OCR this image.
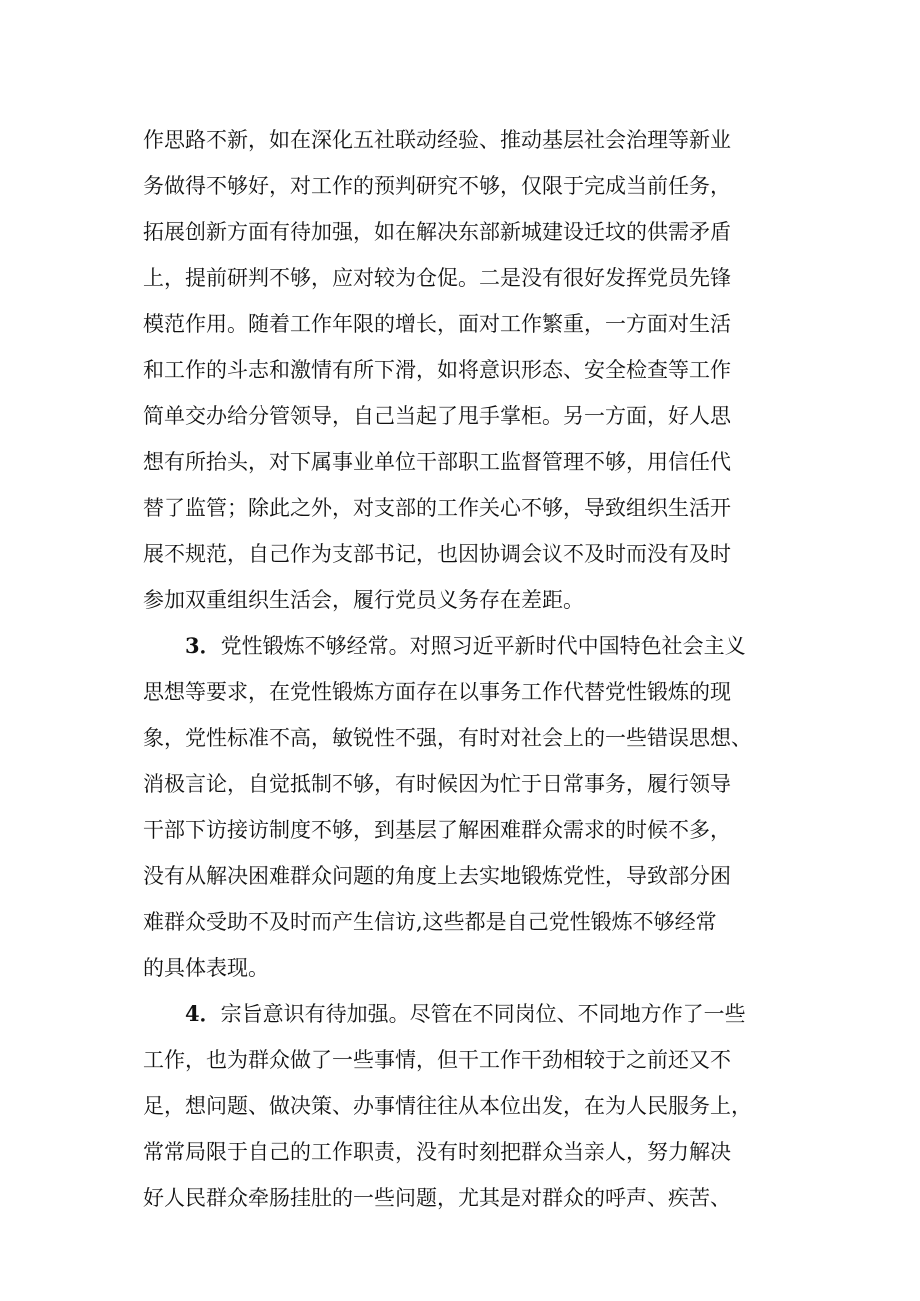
作思路不新，如在深化五社联动经验、推动基层社会治理等新业
务做得不够好，对工作的预判研究不够，仅限于完成当前任务，
拓展创新方面有待加强，如在解决东部新城建设迁坟的供需矛盾
上，提前研判不够，应对较为仓促。二是没有很好发挥党员先锋
模范作用。随着工作年限的增长，面对工作繁重，一方面对生活
和工作的斗志和激情有所下滑，如将意识形态、安全检查等工作
简单交办给分管领导，自己当起了甩手掌柜。另一方面，好人思
想有所抬头，对下属事业单位干部职工监督管理不够，用信任代
替了监管；除此之外，对支部的工作关心不够，导致组织生活开
展不规范，自己作为支部书记，也因协调会议不及时而没有及时
参加双重组织生活会，履行党员义务存在差距。
3．党性锻炼不够经常。对照习近平新时代中国特色社会主义
思想等要求，在党性锻炼方面存在以事务工作代替党性锻炼的现
象，党性标准不高，敏锐性不强，有时对社会上的一些错误思想、
消极言论，自觉抵制不够，有时候因为忙于日常事务，履行领导
干部下访接访制度不够，到基层了解困难群众需求的时候不多，
没有从解决困难群众问题的角度上去实地锻炼党性，导致部分困
难群众受助不及时而产生信访,这些都是自己党性锻炼不够经常
的具体表现。
4．宗旨意识有待加强。尽管在不同岗位、不同地方作了一些
工作，也为群众做了一些事情，但干工作干劲相较于之前还又不
足，想问题、做决策、办事情往往从本位出发，在为人民服务上，
常常局限于自己的工作职责，没有时刻把群众当亲人，努力解决
好人民群众牵肠挂肚的一些问题，尤其是对群众的呼声、疾苦、
